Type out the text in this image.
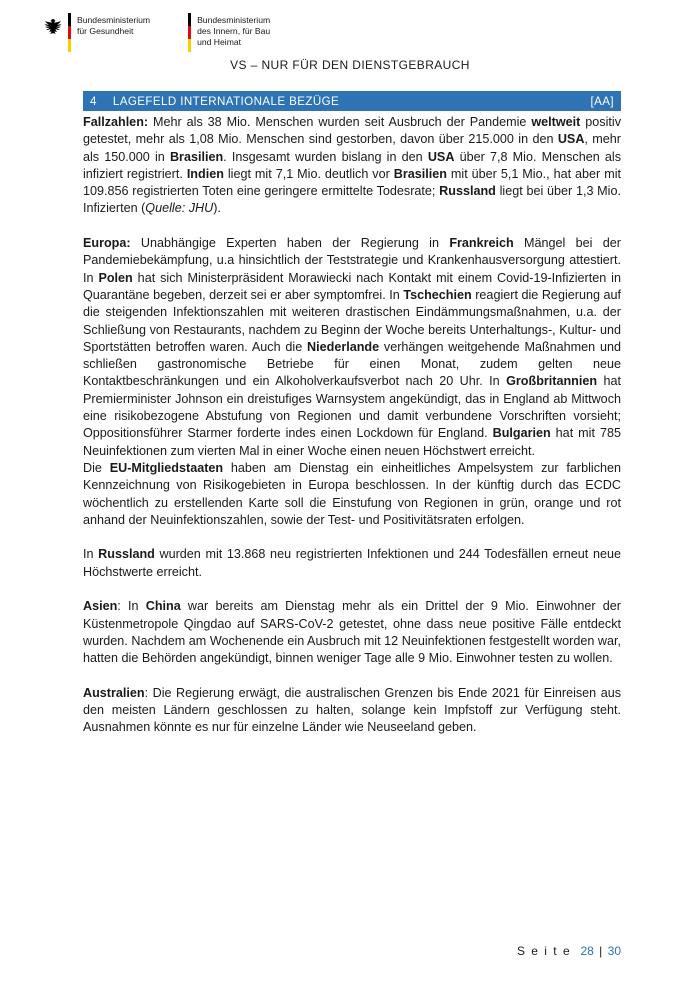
Bundesministerium
für Gesundheit
Bundesministerium
des Innern, für Bau
und Heimat
VS – NUR FÜR DEN DIENSTGEBRAUCH
4 LAGEFELD INTERNATIONALE BEZÜGE	[AA]

Fallzahlen: Mehr als 38 Mio. Menschen wurden seit Ausbruch der Pandemie weltweit positiv getestet, mehr als 1,08 Mio. Menschen sind gestorben, davon über 215.000 in den USA, mehr als 150.000 in Brasilien. Insgesamt wurden bislang in den USA über 7,8 Mio. Menschen als infiziert registriert. Indien liegt mit 7,1 Mio. deutlich vor Brasilien mit über 5,1 Mio., hat aber mit 109.856 registrierten Toten eine geringere ermittelte Todesrate; Russland liegt bei über 1,3 Mio. Infizierten (Quelle: JHU).

Europa: Unabhängige Experten haben der Regierung in Frankreich Mängel bei der Pandemiebekämpfung, u.a hinsichtlich der Teststrategie und Krankenhausversorgung attestiert. In Polen hat sich Ministerpräsident Morawiecki nach Kontakt mit einem Covid-19-Infizierten in Quarantäne begeben, derzeit sei er aber symptomfrei. In Tschechien reagiert die Regierung auf die steigenden Infektionszahlen mit weiteren drastischen Eindämmungsmaßnahmen, u.a. der Schließung von Restaurants, nachdem zu Beginn der Woche bereits Unterhaltungs-, Kultur- und Sportstätten betroffen waren. Auch die Niederlande verhängen weitgehende Maßnahmen und schließen gastronomische Betriebe für einen Monat, zudem gelten neue Kontaktbeschränkungen und ein Alkoholverkaufsverbot nach 20 Uhr. In Großbritannien hat Premierminister Johnson ein dreistufiges Warnsystem angekündigt, das in England ab Mittwoch eine risikobezogene Abstufung von Regionen und damit verbundene Vorschriften vorsieht; Oppositionsführer Starmer forderte indes einen Lockdown für England. Bulgarien hat mit 785 Neuinfektionen zum vierten Mal in einer Woche einen neuen Höchstwert erreicht.

Die EU-Mitgliedstaaten haben am Dienstag ein einheitliches Ampelsystem zur farblichen Kennzeichnung von Risikogebieten in Europa beschlossen. In der künftig durch das ECDC wöchentlich zu erstellenden Karte soll die Einstufung von Regionen in grün, orange und rot anhand der Neuinfektionszahlen, sowie der Test- und Positivitätsraten erfolgen.

In Russland wurden mit 13.868 neu registrierten Infektionen und 244 Todesfällen erneut neue Höchstwerte erreicht.

Asien: In China war bereits am Dienstag mehr als ein Drittel der 9 Mio. Einwohner der Küstenmetropole Qingdao auf SARS-CoV-2 getestet, ohne dass neue positive Fälle entdeckt wurden. Nachdem am Wochenende ein Ausbruch mit 12 Neuinfektionen festgestellt worden war, hatten die Behörden angekündigt, binnen weniger Tage alle 9 Mio. Einwohner testen zu wollen.

Australien: Die Regierung erwägt, die australischen Grenzen bis Ende 2021 für Einreisen aus den meisten Ländern geschlossen zu halten, solange kein Impfstoff zur Verfügung steht. Ausnahmen könnte es nur für einzelne Länder wie Neuseeland geben.

S e i t e 28 | 30
